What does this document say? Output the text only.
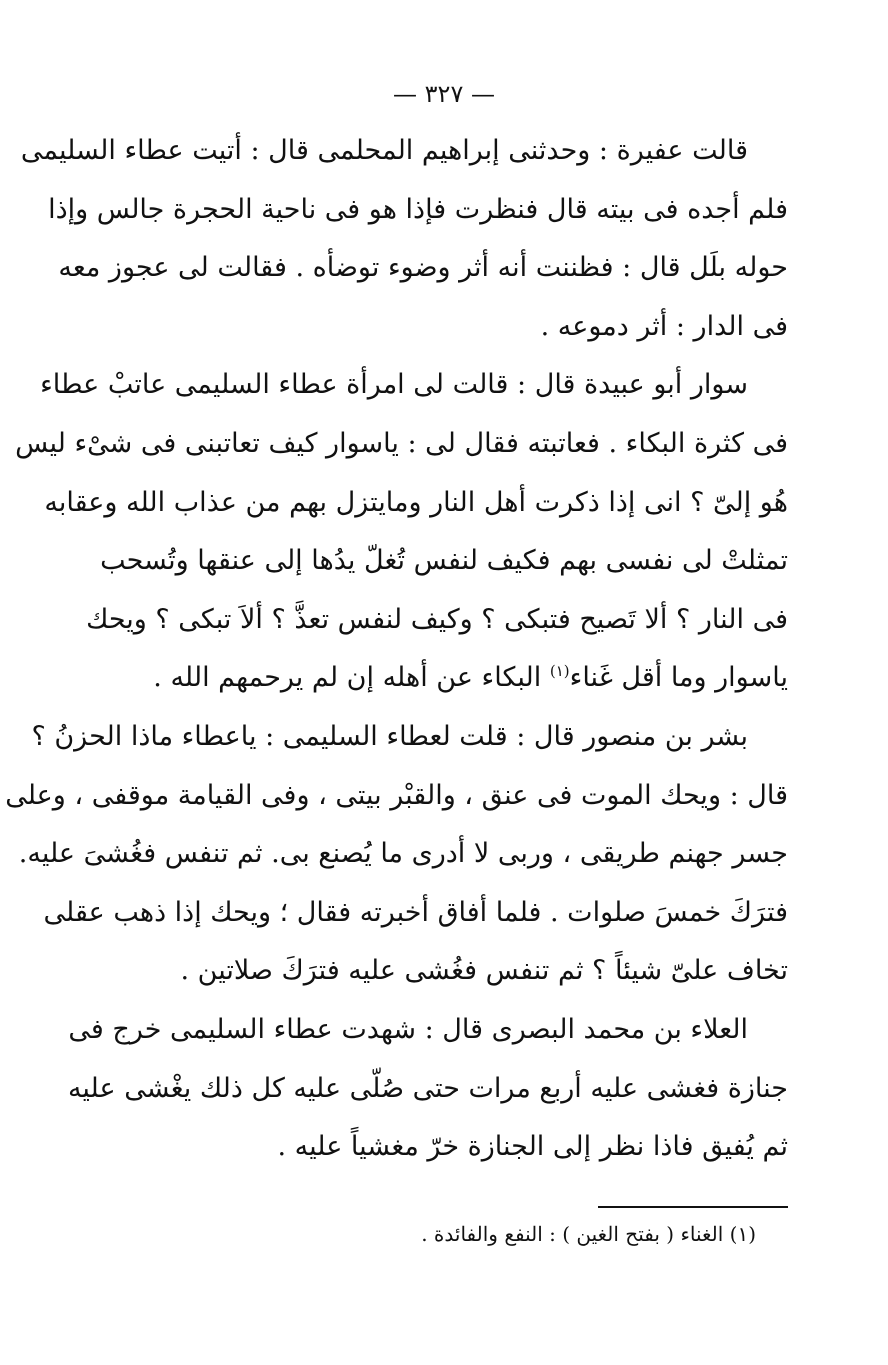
— ٣٢٧ —
قالت عفيرة : وحدثنى إبراهيم المحلمى قال : أتيت عطاء السليمى
فلم أجده فى بيته قال فنظرت فإذا هو فى ناحية الحجرة جالس وإذا
حوله بلَل قال : فظننت أنه أثر وضوء توضأه . فقالت لى عجوز معه
فى الدار : أثر دموعه .
سوار أبو عبيدة قال : قالت لى امرأة عطاء السليمى عاتبْ عطاء
فى كثرة البكاء . فعاتبته فقال لى : ياسوار كيف تعاتبنى فى شىْء ليس
هُو إلىّ ؟ انى إذا ذكرت أهل النار ومايتزل بهم من عذاب الله وعقابه
تمثلتْ لى نفسى بهم فكيف لنفس تُغلّ يدُها إلى عنقها وتُسحب
فى النار ؟ ألا تَصيح فتبكى ؟ وكيف لنفس تعذَّ ؟ ألاَ تبكى ؟ ويحك
ياسوار وما أقل غَناء$^{(١)}$ البكاء عن أهله إن لم يرحمهم الله .
بشر بن منصور قال : قلت لعطاء السليمى : ياعطاء ماذا الحزنُ ؟
قال : ويحك الموت فى عنق ، والقبْر بيتى ، وفى القيامة موقفى ، وعلى
جسر جهنم طريقى ، وربى لا أدرى ما يُصنع بى. ثم تنفس فغُشىَ عليه.
فترَكَ خمسَ صلوات . فلما أفاق أخبرته فقال ؛ ويحك إذا ذهب عقلى
تخاف علىّ شيئاً ؟ ثم تنفس فغُشى عليه فترَكَ صلاتين .
العلاء بن محمد البصرى قال : شهدت عطاء السليمى خرج فى
جنازة فغشى عليه أربع مرات حتى صُلّى عليه كل ذلك يغْشى عليه
ثم يُفيق فاذا نظر إلى الجنازة خرّ مغشياً عليه .
(١) الغناء ( بفتح الغين ) : النفع والفائدة .
